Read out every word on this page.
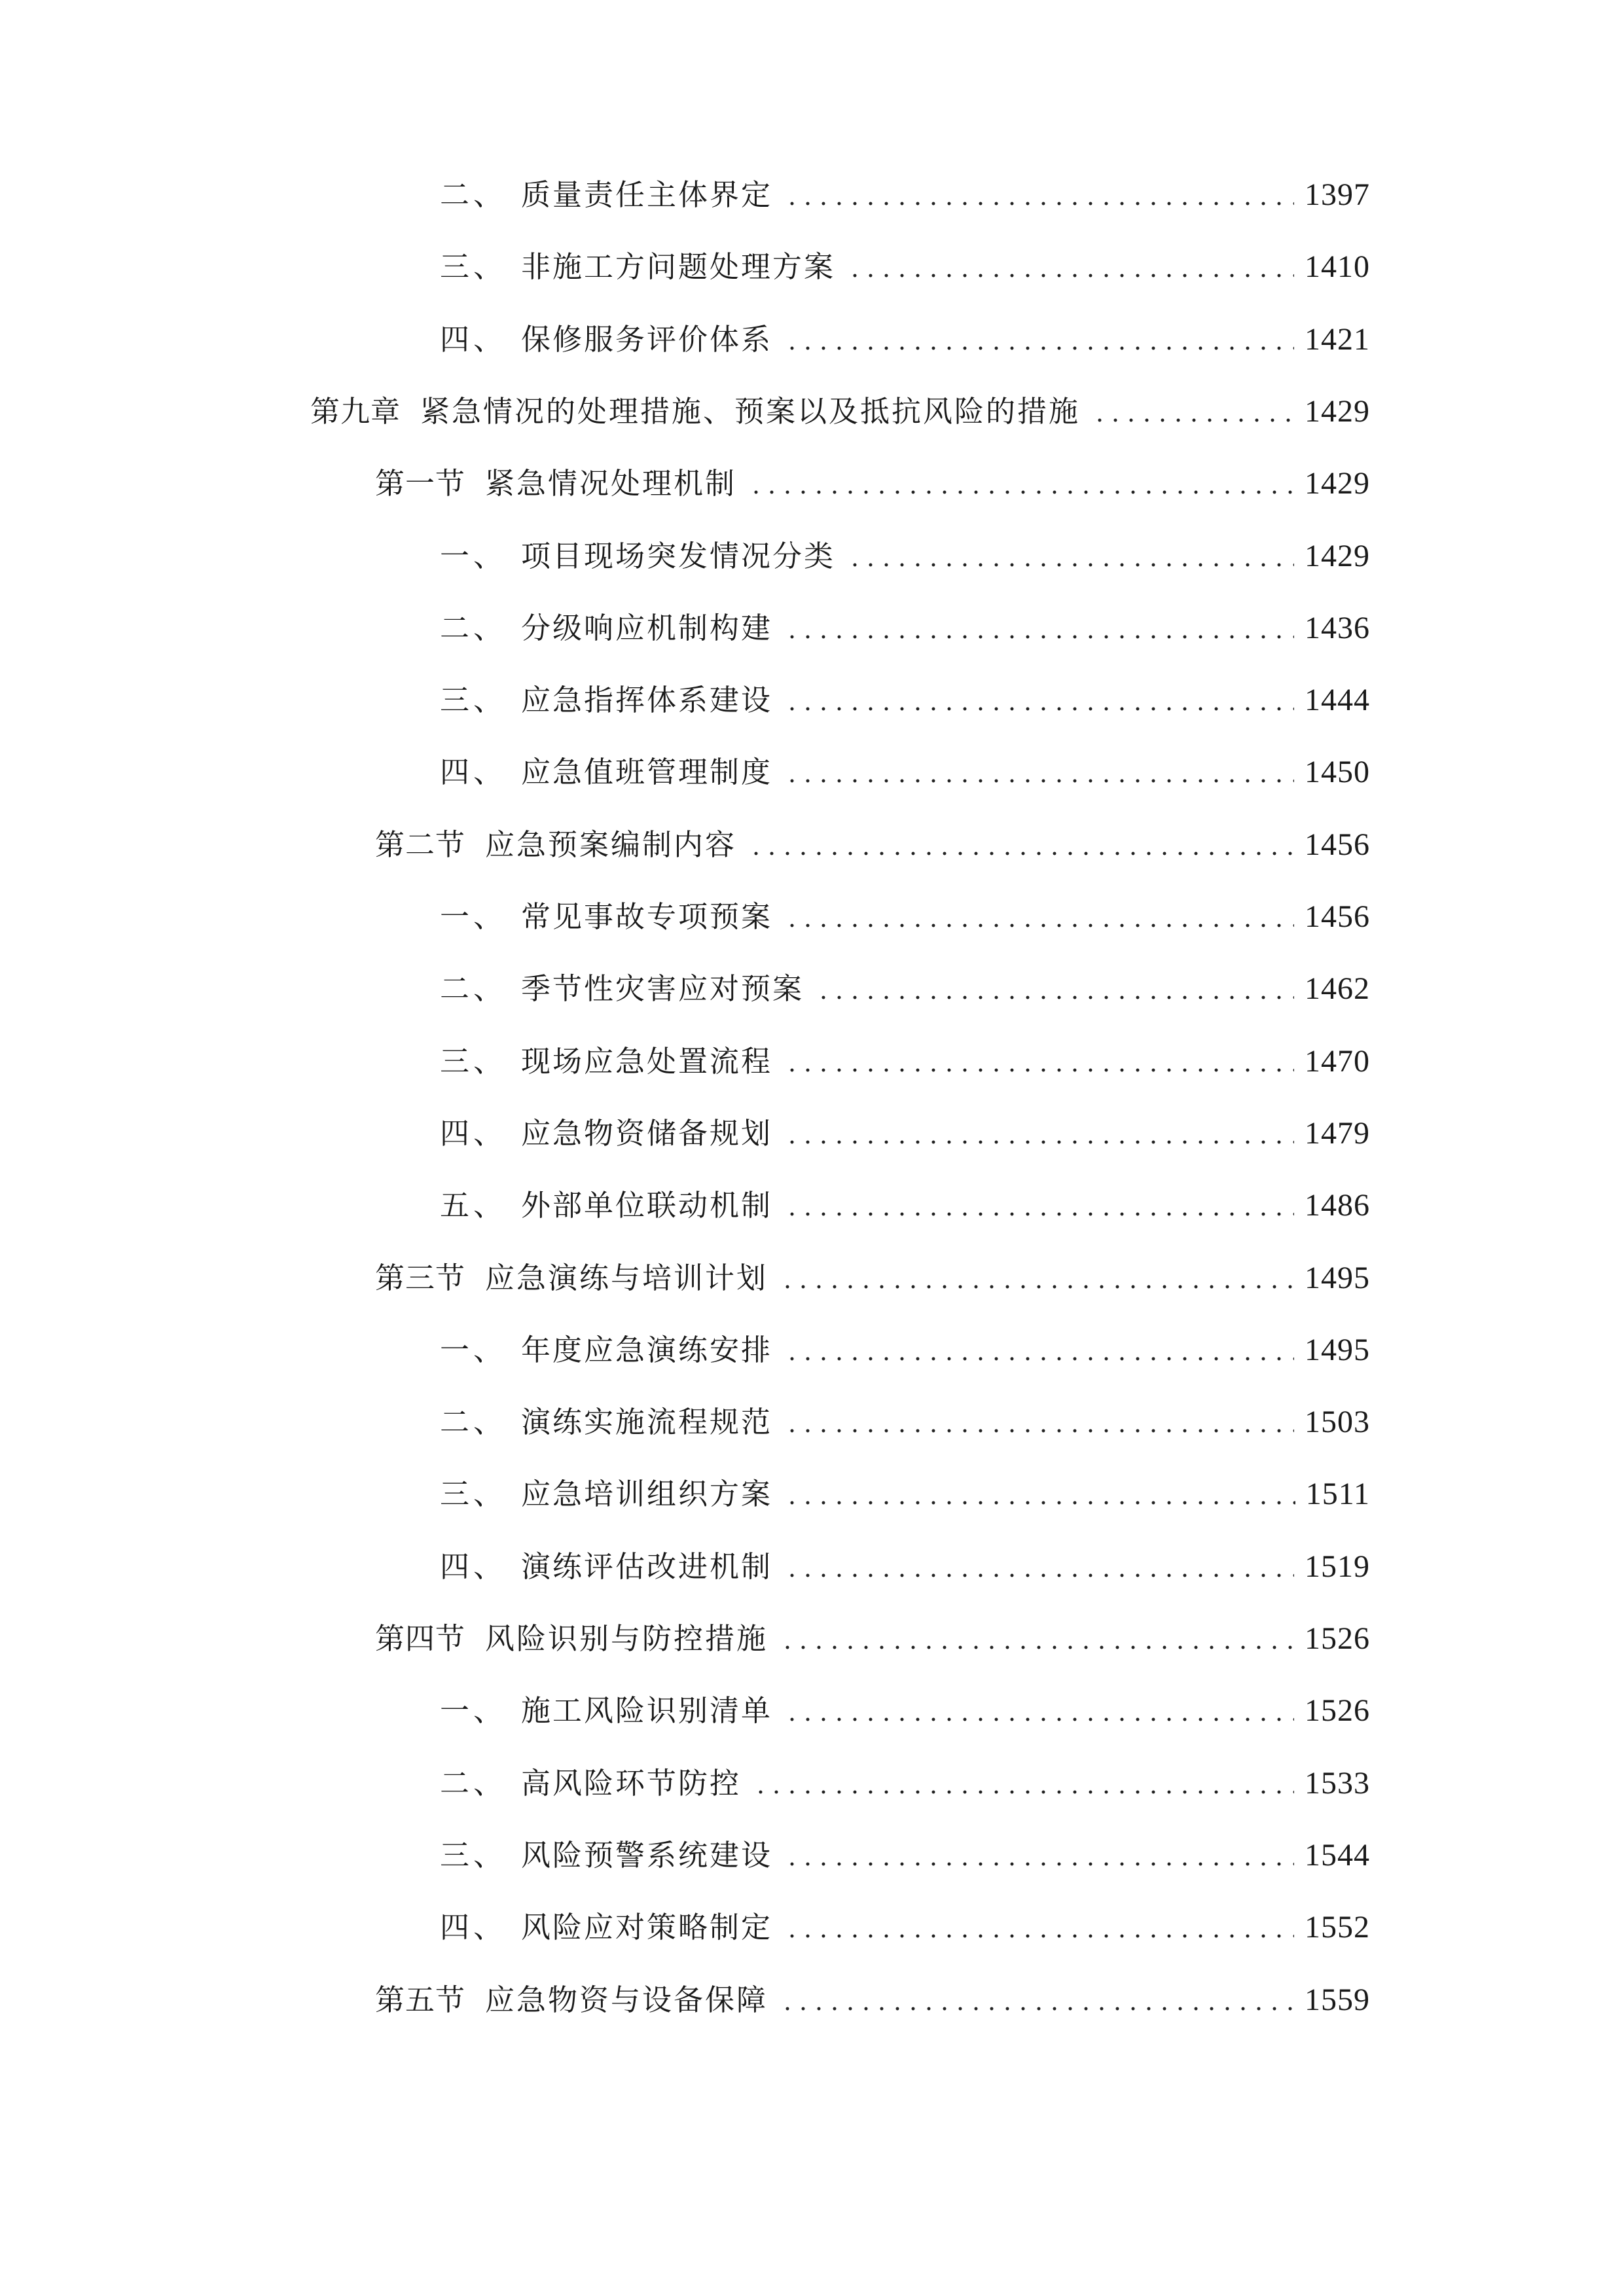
二、 质量责任主体界定	1397
三、 非施工方问题处理方案	1410
四、 保修服务评价体系	1421
第九章 紧急情况的处理措施、预案以及抵抗风险的措施	1429
第一节 紧急情况处理机制	1429
一、 项目现场突发情况分类	1429
二、 分级响应机制构建	1436
三、 应急指挥体系建设	1444
四、 应急值班管理制度	1450
第二节 应急预案编制内容	1456
一、 常见事故专项预案	1456
二、 季节性灾害应对预案	1462
三、 现场应急处置流程	1470
四、 应急物资储备规划	1479
五、 外部单位联动机制	1486
第三节 应急演练与培训计划	1495
一、 年度应急演练安排	1495
二、 演练实施流程规范	1503
三、 应急培训组织方案	1511
四、 演练评估改进机制	1519
第四节 风险识别与防控措施	1526
一、 施工风险识别清单	1526
二、 高风险环节防控	1533
三、 风险预警系统建设	1544
四、 风险应对策略制定	1552
第五节 应急物资与设备保障	1559
